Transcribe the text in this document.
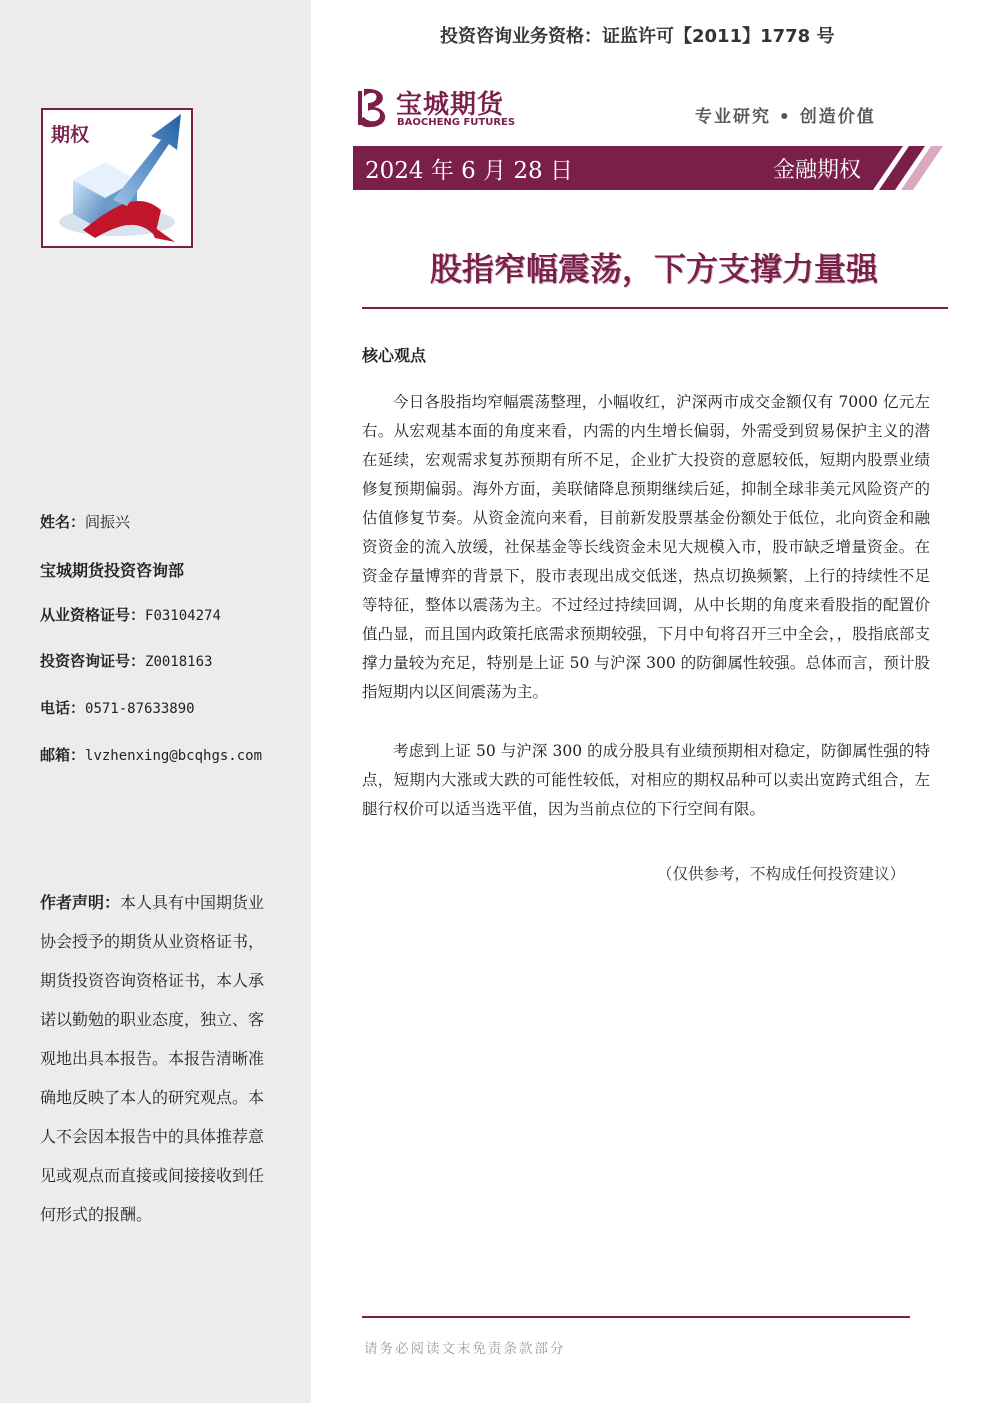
期权
姓名：闾振兴
宝城期货投资咨询部
从业资格证号：F03104274
投资咨询证号：Z0018163
电话：0571-87633890
邮箱：lvzhenxing@bcqhgs.com
作者声明：本人具有中国期货业协会授予的期货从业资格证书，期货投资咨询资格证书，本人承诺以勤勉的职业态度，独立、客观地出具本报告。本报告清晰准确地反映了本人的研究观点。本人不会因本报告中的具体推荐意见或观点而直接或间接接收到任何形式的报酬。
投资咨询业务资格：证监许可【2011】1778 号
宝城期货
BAOCHENG FUTURES	专业研究 • 创造价值
2024 年 6 月 28 日	金融期权
股指窄幅震荡，下方支撑力量强
核心观点

今日各股指均窄幅震荡整理，小幅收红，沪深两市成交金额仅有 7000 亿元左右。从宏观基本面的角度来看，内需的内生增长偏弱，外需受到贸易保护主义的潜在延续，宏观需求复苏预期有所不足，企业扩大投资的意愿较低，短期内股票业绩修复预期偏弱。海外方面，美联储降息预期继续后延，抑制全球非美元风险资产的估值修复节奏。从资金流向来看，目前新发股票基金份额处于低位，北向资金和融资资金的流入放缓，社保基金等长线资金未见大规模入市，股市缺乏增量资金。在资金存量博弈的背景下，股市表现出成交低迷，热点切换频繁，上行的持续性不足等特征，整体以震荡为主。不过经过持续回调，从中长期的角度来看股指的配置价值凸显，而且国内政策托底需求预期较强，下月中旬将召开三中全会，，股指底部支撑力量较为充足，特别是上证 50 与沪深 300 的防御属性较强。总体而言，预计股指短期内以区间震荡为主。

考虑到上证 50 与沪深 300 的成分股具有业绩预期相对稳定，防御属性强的特点，短期内大涨或大跌的可能性较低，对相应的期权品种可以卖出宽跨式组合，左腿行权价可以适当选平值，因为当前点位的下行空间有限。

（仅供参考，不构成任何投资建议）
请务必阅读文末免责条款部分
